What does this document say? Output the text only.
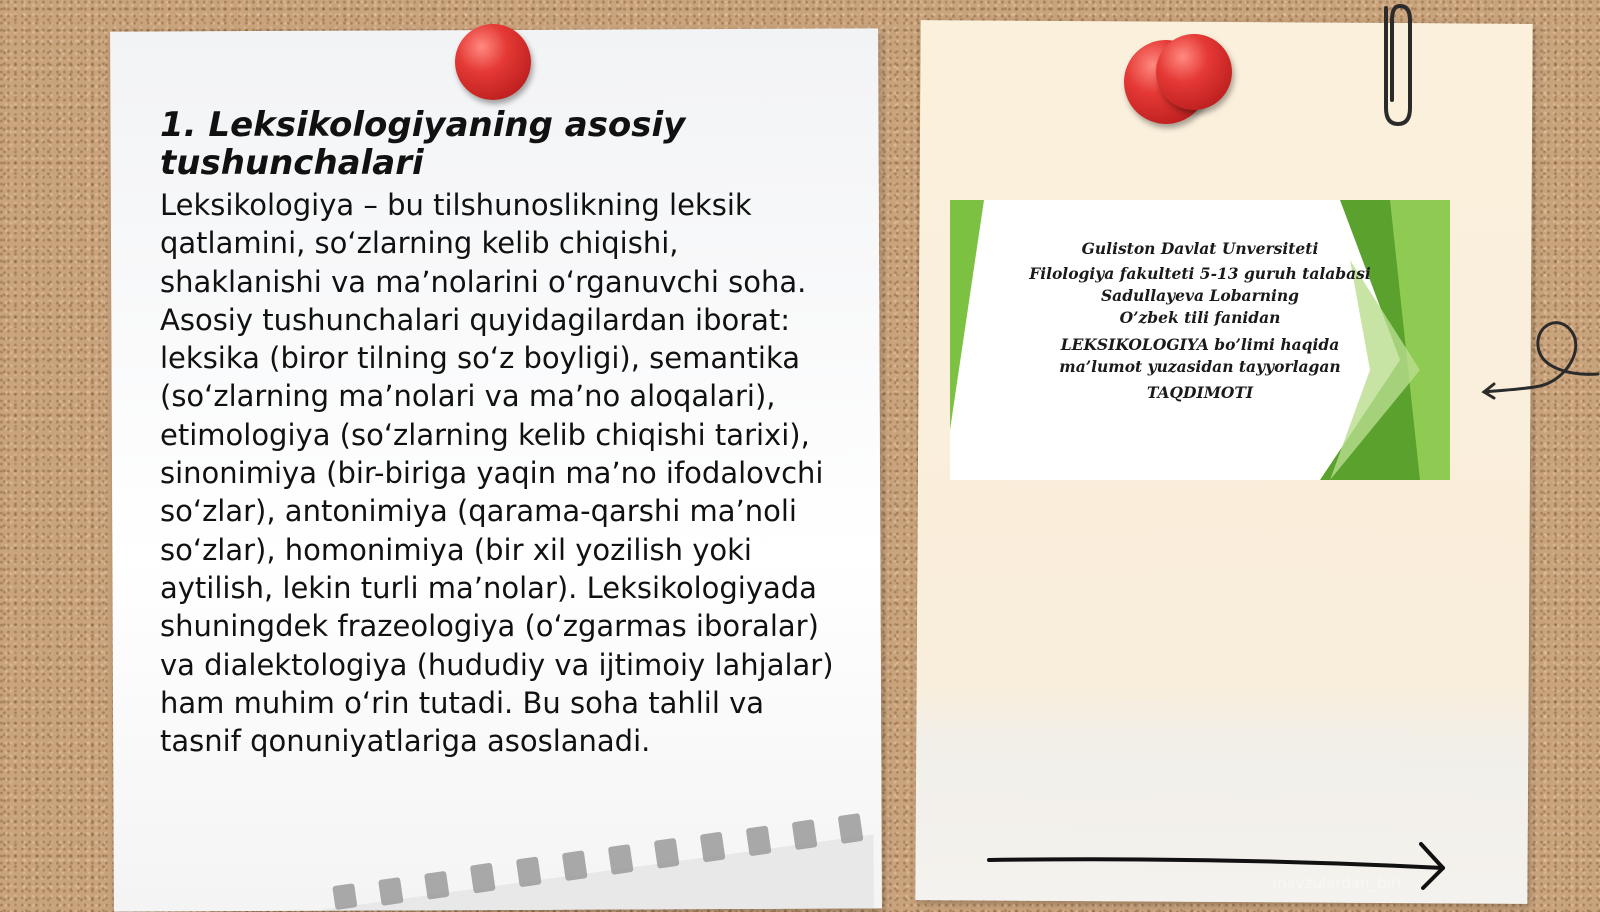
1. Leksikologiyaning asosiy tushunchalari

Leksikologiya – bu tilshunoslikning leksik qatlamini, so‘zlarning kelib chiqishi, shaklanishi va ma’nolarini o‘rganuvchi soha. Asosiy tushunchalari quyidagilardan iborat: leksika (biror tilning so‘z boyligi), semantika (so‘zlarning ma’nolari va ma’no aloqalari), etimologiya (so‘zlarning kelib chiqishi tarixi), sinonimiya (bir-biriga yaqin ma’no ifodalovchi so‘zlar), antonimiya (qarama-qarshi ma’noli so‘zlar), homonimiya (bir xil yozilish yoki aytilish, lekin turli ma’nolar). Leksikologiyada shuningdek frazeologiya (o‘zgarmas iboralar) va dialektologiya (hududiy va ijtimoiy lahjalar) ham muhim o‘rin tutadi. Bu soha tahlil va tasnif qonuniyatlariga asoslanadi.

Guliston Davlat Unversiteti
Filologiya fakulteti 5-13 guruh talabasi
Sadullayeva Lobarning
O’zbek tili fanidan
LEKSIKOLOGIYA bo’limi haqida
ma’lumot yuzasidan tayyorlagan
TAQDIMOTI
mavzulardan_biri
